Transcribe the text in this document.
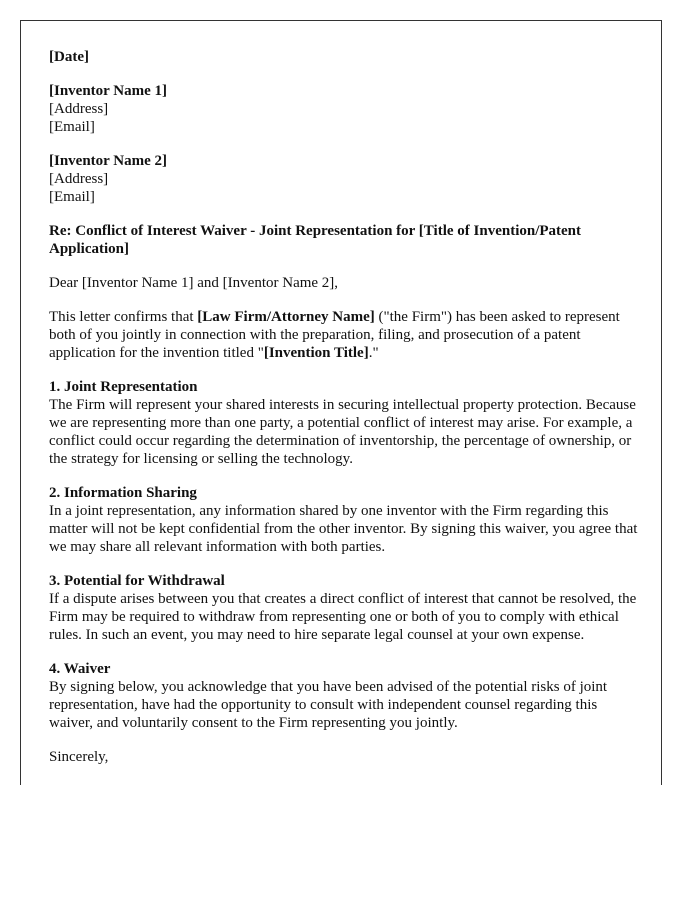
[Date]

[Inventor Name 1]
[Address]
[Email]

[Inventor Name 2]
[Address]
[Email]

Re: Conflict of Interest Waiver - Joint Representation for [Title of Invention/Patent Application]

Dear [Inventor Name 1] and [Inventor Name 2],

This letter confirms that [Law Firm/Attorney Name] ("the Firm") has been asked to represent both of you jointly in connection with the preparation, filing, and prosecution of a patent application for the invention titled "[Invention Title]."

1. Joint Representation
The Firm will represent your shared interests in securing intellectual property protection. Because we are representing more than one party, a potential conflict of interest may arise. For example, a conflict could occur regarding the determination of inventorship, the percentage of ownership, or the strategy for licensing or selling the technology.

2. Information Sharing
In a joint representation, any information shared by one inventor with the Firm regarding this matter will not be kept confidential from the other inventor. By signing this waiver, you agree that we may share all relevant information with both parties.

3. Potential for Withdrawal
If a dispute arises between you that creates a direct conflict of interest that cannot be resolved, the Firm may be required to withdraw from representing one or both of you to comply with ethical rules. In such an event, you may need to hire separate legal counsel at your own expense.

4. Waiver
By signing below, you acknowledge that you have been advised of the potential risks of joint representation, have had the opportunity to consult with independent counsel regarding this waiver, and voluntarily consent to the Firm representing you jointly.

Sincerely,
